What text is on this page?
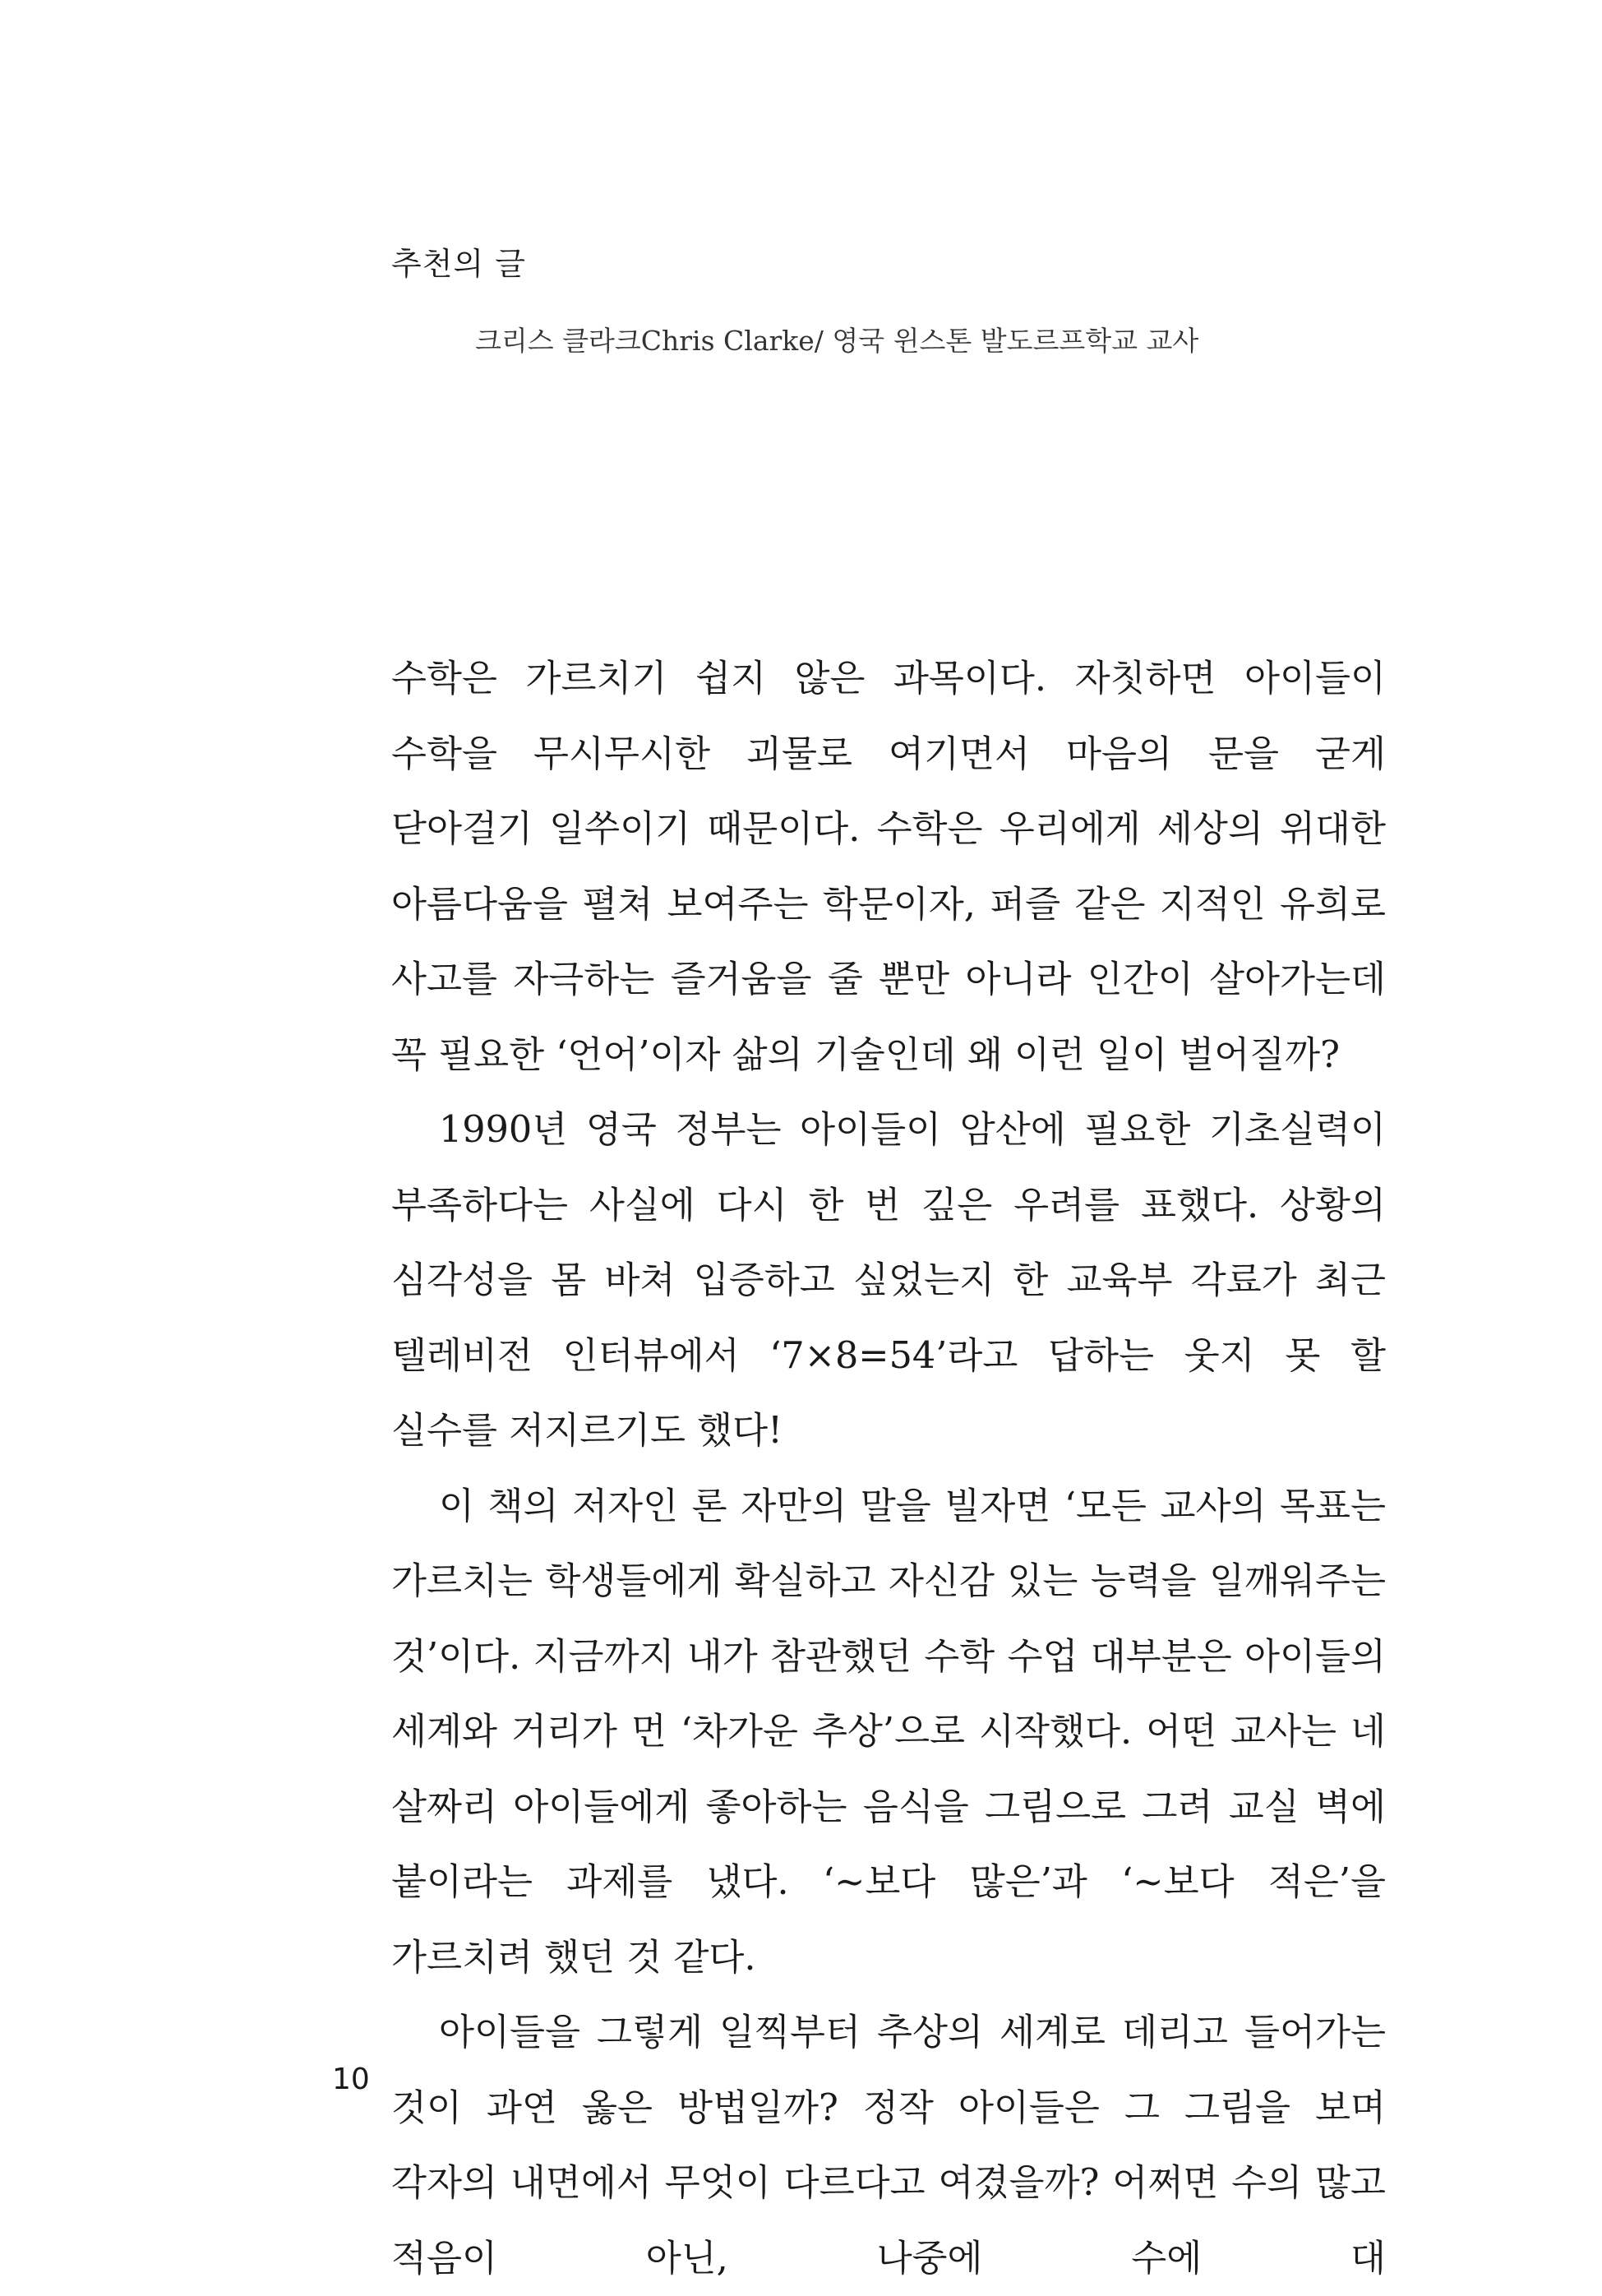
추천의 글

크리스 클라크Chris Clarke/ 영국 윈스톤 발도르프학교 교사

수학은 가르치기 쉽지 않은 과목이다. 자칫하면 아이들이 수학을 무시무시한 괴물로 여기면서 마음의 문을 굳게 닫아걸기 일쑤이기 때문이다. 수학은 우리에게 세상의 위대한 아름다움을 펼쳐 보여주는 학문이자, 퍼즐 같은 지적인 유희로 사고를 자극하는 즐거움을 줄 뿐만 아니라 인간이 살아가는데 꼭 필요한 ‘언어’이자 삶의 기술인데 왜 이런 일이 벌어질까?

1990년 영국 정부는 아이들이 암산에 필요한 기초실력이 부족하다는 사실에 다시 한 번 깊은 우려를 표했다. 상황의 심각성을 몸 바쳐 입증하고 싶었는지 한 교육부 각료가 최근 텔레비전 인터뷰에서 ‘7×8=54’라고 답하는 웃지 못 할 실수를 저지르기도 했다!

이 책의 저자인 론 자만의 말을 빌자면 ‘모든 교사의 목표는 가르치는 학생들에게 확실하고 자신감 있는 능력을 일깨워주는 것’이다. 지금까지 내가 참관했던 수학 수업 대부분은 아이들의 세계와 거리가 먼 ‘차가운 추상’으로 시작했다. 어떤 교사는 네 살짜리 아이들에게 좋아하는 음식을 그림으로 그려 교실 벽에 붙이라는 과제를 냈다. ‘~보다 많은’과 ‘~보다 적은’을 가르치려 했던 것 같다.

아이들을 그렇게 일찍부터 추상의 세계로 데리고 들어가는 것이 과연 옳은 방법일까? 정작 아이들은 그 그림을 보며 각자의 내면에서 무엇이 다르다고 여겼을까? 어쩌면 수의 많고 적음이 아닌, 나중에 수에 대

10
